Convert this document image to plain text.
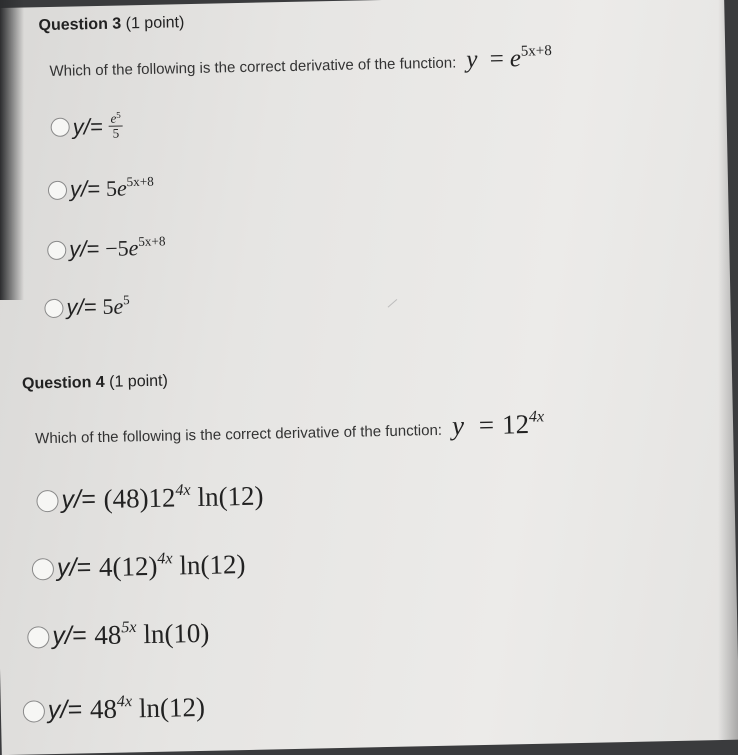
Question 3 (1 point)
Which of the following is the correct derivative of the function: $y = e^{5x+8}$
$y/= \frac{e^5}{5}$
$y/= 5e^{5x+8}$
$y/= -5e^{5x+8}$
$y/= 5e^5$
Question 4 (1 point)
Which of the following is the correct derivative of the function: $y = 12^{4x}$
$y/= (48)12^{4x}$ ln(12)
$y/= 4(12)^{4x}$ ln(12)
$y/= 48^{5x}$ ln(10)
$y/= 48^{4x}$ ln(12)
